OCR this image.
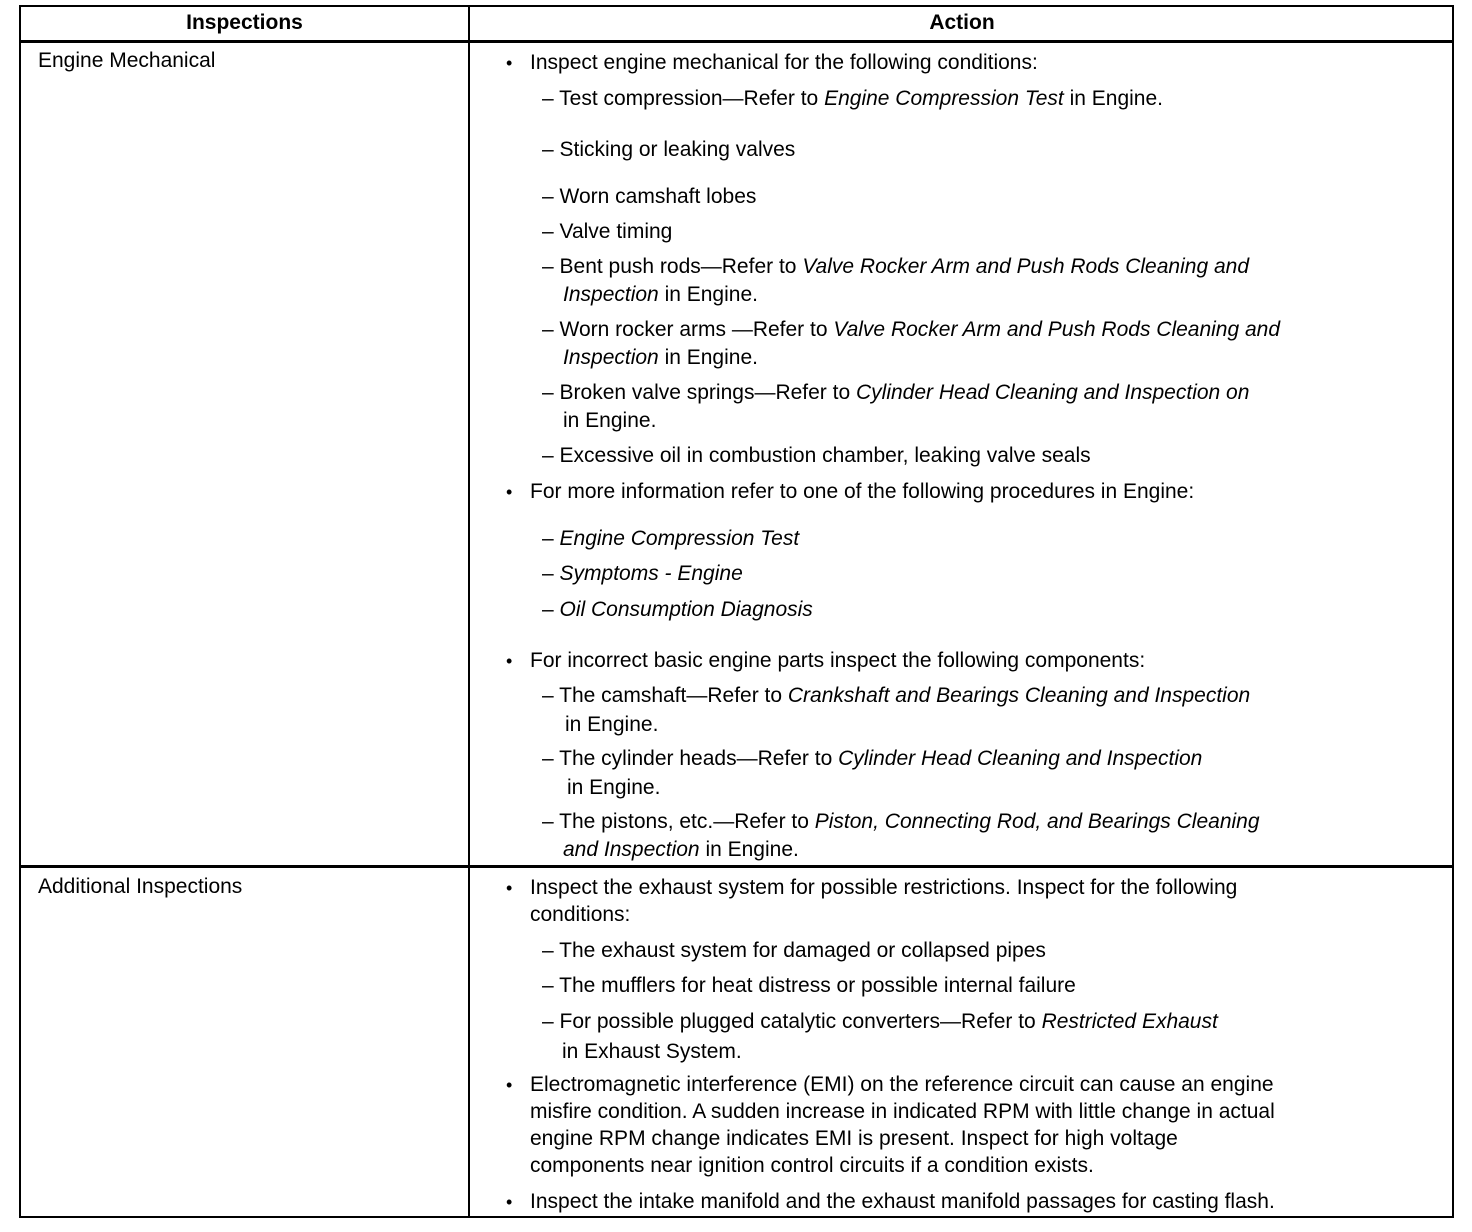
Inspections	Action
Engine Mechanical	• Inspect engine mechanical for the following conditions:
– Test compression—Refer to Engine Compression Test in Engine.
– Sticking or leaking valves
– Worn camshaft lobes
– Valve timing
– Bent push rods—Refer to Valve Rocker Arm and Push Rods Cleaning and
Inspection in Engine.
– Worn rocker arms —Refer to Valve Rocker Arm and Push Rods Cleaning and
Inspection in Engine.
– Broken valve springs—Refer to Cylinder Head Cleaning and Inspection on
in Engine.
– Excessive oil in combustion chamber, leaking valve seals
• For more information refer to one of the following procedures in Engine:
– Engine Compression Test
– Symptoms - Engine
– Oil Consumption Diagnosis
• For incorrect basic engine parts inspect the following components:
– The camshaft—Refer to Crankshaft and Bearings Cleaning and Inspection
in Engine.
– The cylinder heads—Refer to Cylinder Head Cleaning and Inspection
in Engine.
– The pistons, etc.—Refer to Piston, Connecting Rod, and Bearings Cleaning
and Inspection in Engine.
Additional Inspections	• Inspect the exhaust system for possible restrictions. Inspect for the following
conditions:
– The exhaust system for damaged or collapsed pipes
– The mufflers for heat distress or possible internal failure
– For possible plugged catalytic converters—Refer to Restricted Exhaust
in Exhaust System.
• Electromagnetic interference (EMI) on the reference circuit can cause an engine
misfire condition. A sudden increase in indicated RPM with little change in actual
engine RPM change indicates EMI is present. Inspect for high voltage
components near ignition control circuits if a condition exists.
• Inspect the intake manifold and the exhaust manifold passages for casting flash.
